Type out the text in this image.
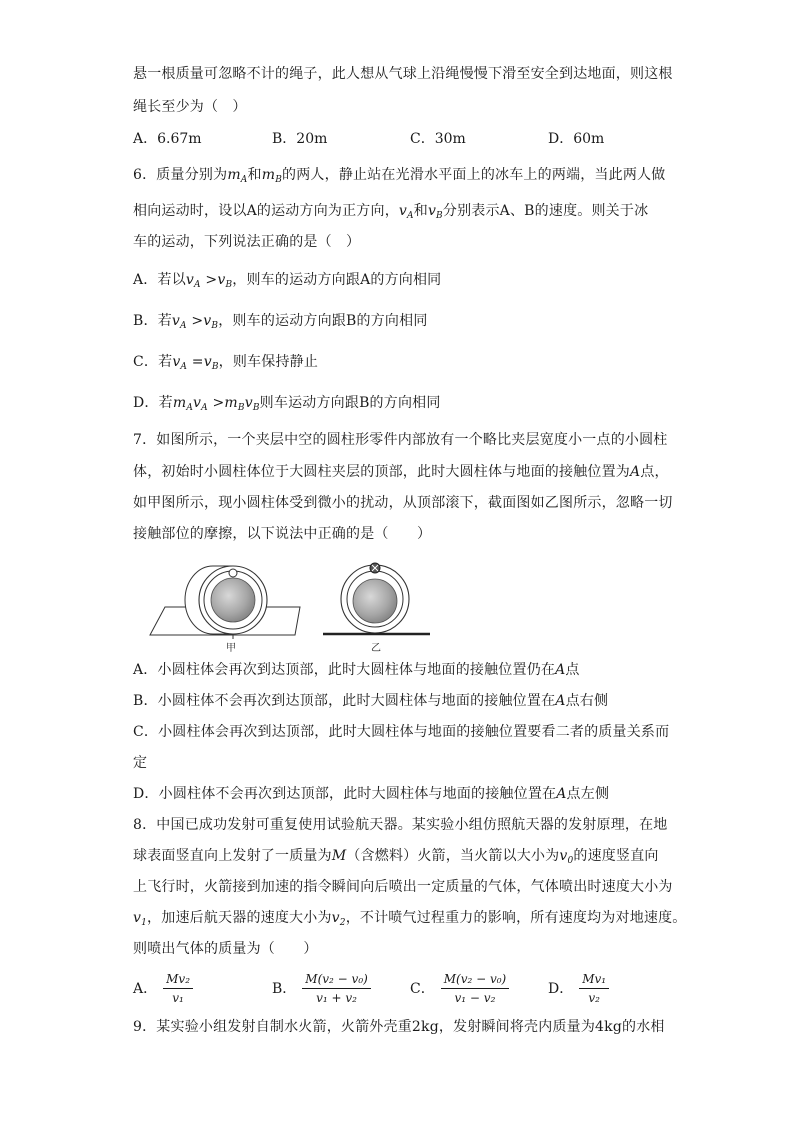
悬一根质量可忽略不计的绳子，此人想从气球上沿绳慢慢下滑至安全到达地面，则这根
绳长至少为（　）
A．6.67m	B．20m	C．30m	D．60m
6．质量分别为$m_A$和$m_B$的两人，静止站在光滑水平面上的冰车上的两端，当此两人做
相向运动时，设以A的运动方向为正方向，$v_A$和$v_B$分别表示A、B的速度。则关于冰
车的运动，下列说法正确的是（　）
A．若以$v_A >v_B$，则车的运动方向跟A的方向相同
B．若$v_A >v_B$，则车的运动方向跟B的方向相同
C．若$v_A =v_B$，则车保持静止
D．若$m_Av_A >m_Bv_B$则车运动方向跟B的方向相同
7．如图所示，一个夹层中空的圆柱形零件内部放有一个略比夹层宽度小一点的小圆柱
体，初始时小圆柱体位于大圆柱夹层的顶部，此时大圆柱体与地面的接触位置为A点，
如甲图所示，现小圆柱体受到微小的扰动，从顶部滚下，截面图如乙图所示，忽略一切
接触部位的摩擦，以下说法中正确的是（　　）
甲	乙
A．小圆柱体会再次到达顶部，此时大圆柱体与地面的接触位置仍在A点
B．小圆柱体不会再次到达顶部，此时大圆柱体与地面的接触位置在A点右侧
C．小圆柱体会再次到达顶部，此时大圆柱体与地面的接触位置要看二者的质量关系而
定
D．小圆柱体不会再次到达顶部，此时大圆柱体与地面的接触位置在A点左侧
8．中国已成功发射可重复使用试验航天器。某实验小组仿照航天器的发射原理，在地
球表面竖直向上发射了一质量为M（含燃料）火箭，当火箭以大小为$v_0$的速度竖直向
上飞行时，火箭接到加速的指令瞬间向后喷出一定质量的气体，气体喷出时速度大小为
$v_1$，加速后航天器的速度大小为$v_2$，不计喷气过程重力的影响，所有速度均为对地速度。
则喷出气体的质量为（　　）
A． $\frac{\text{Mv₂}}{\text{v₁}}$	B． $\frac{\text{M(v₂ − v₀)}}{\text{v₁ + v₂}}$	C． $\frac{\text{M(v₂ − v₀)}}{\text{v₁ − v₂}}$	D． $\frac{\text{Mv₁}}{\text{v₂}}$
9．某实验小组发射自制水火箭，火箭外壳重2kg，发射瞬间将壳内质量为4kg的水相
